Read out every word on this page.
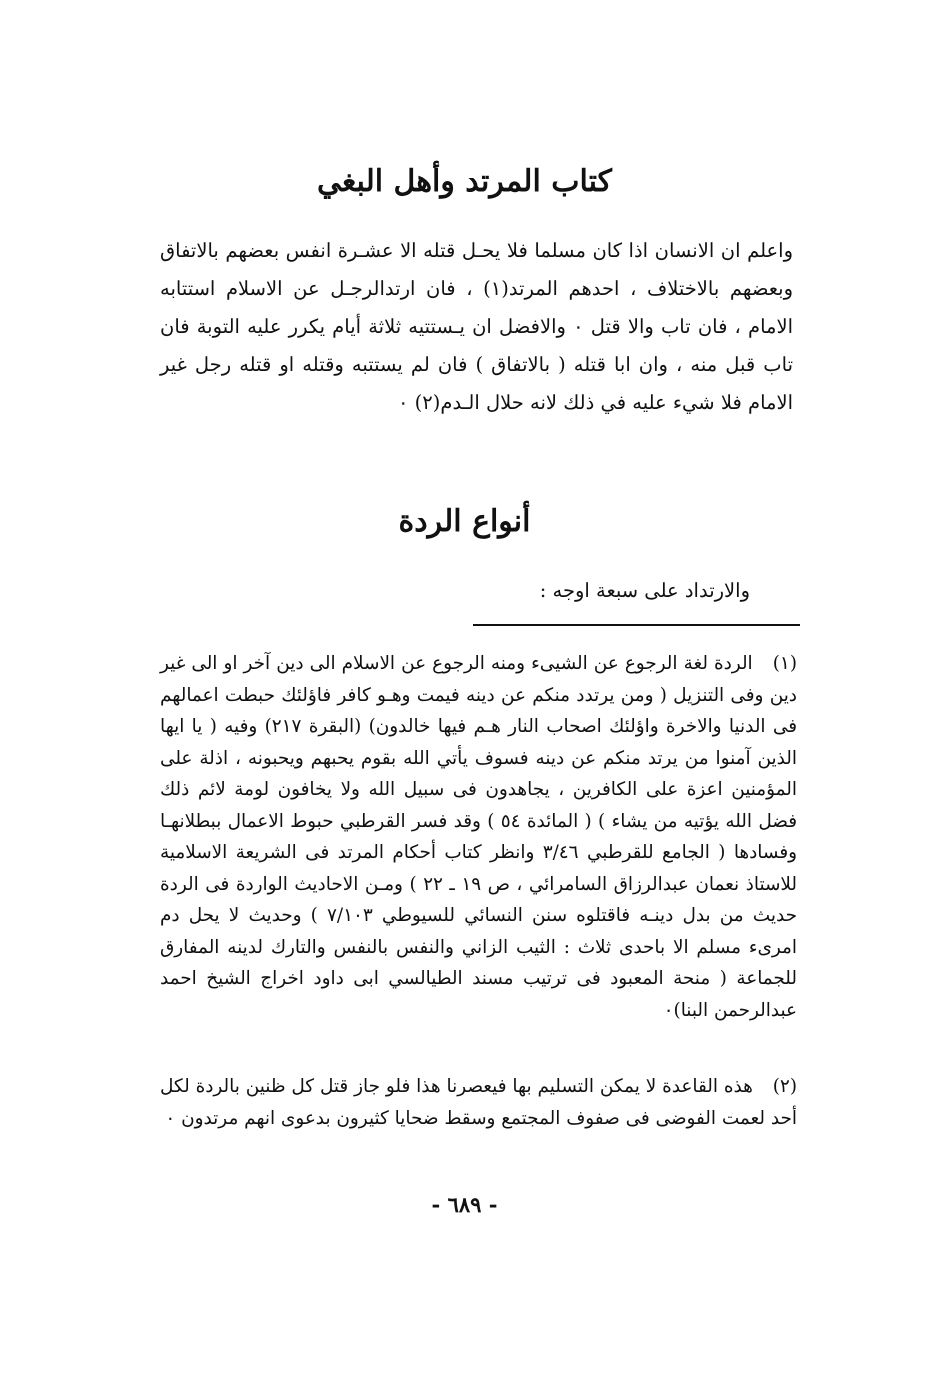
كتاب المرتد وأهل البغي

واعلم ان الانسان اذا كان مسلما فلا يحـل قتله الا عشـرة انفس بعضهم بالاتفاق وبعضهم بالاختلاف ، احدهم المرتد(١) ، فان ارتدالرجـل عن الاسلام استتابه الامام ، فان تاب والا قتل ٠ والافضل ان يـستتيه ثلاثة أيام يكرر عليه التوبة فان تاب قبل منه ، وان ابا قتله ( بالاتفاق ) فان لم يستتبه وقتله او قتله رجل غير الامام فلا شيء عليه في ذلك لانه حلال الـدم(٢) ٠

أنواع الردة

والارتداد على سبعة اوجه :

(١) الردة لغة الرجوع عن الشيىء ومنه الرجوع عن الاسلام الى دين آخر او الى غير دين وفى التنزيل ( ومن يرتدد منكم عن دينه فيمت وهـو كافر فاؤلئك حبطت اعمالهم فى الدنيا والاخرة واؤلئك اصحاب النار هـم فيها خالدون) (البقرة ٢١٧) وفيه ( يا ايها الذين آمنوا من يرتد منكم عن دينه فسوف يأتي الله بقوم يحبهم ويحبونه ، اذلة على المؤمنين اعزة على الكافرين ، يجاهدون فى سبيل الله ولا يخافون لومة لائم ذلك فضل الله يؤتيه من يشاء ) ( المائدة ٥٤ ) وقد فسر القرطبي حبوط الاعمال ببطلانهـا وفسادها ( الجامع للقرطبي ٣/٤٦ وانظر كتاب أحكام المرتد فى الشريعة الاسلامية للاستاذ نعمان عبدالرزاق السامرائي ، ص ١٩ ـ ٢٢ ) ومـن الاحاديث الواردة فى الردة حديث من بدل دينـه فاقتلوه سنن النسائي للسيوطي ٧/١٠٣ ) وحديث لا يحل دم امرىء مسلم الا باحدى ثلاث : الثيب الزاني والنفس بالنفس والتارك لدينه المفارق للجماعة ( منحة المعبود فى ترتيب مسند الطيالسي ابى داود اخراج الشيخ احمد عبدالرحمن البنا)٠

(٢) هذه القاعدة لا يمكن التسليم بها فيعصرنا هذا فلو جاز قتل كل ظنين بالردة لكل أحد لعمت الفوضى فى صفوف المجتمع وسقط ضحايا كثيرون بدعوى انهم مرتدون ٠

- ٦٨٩ -
